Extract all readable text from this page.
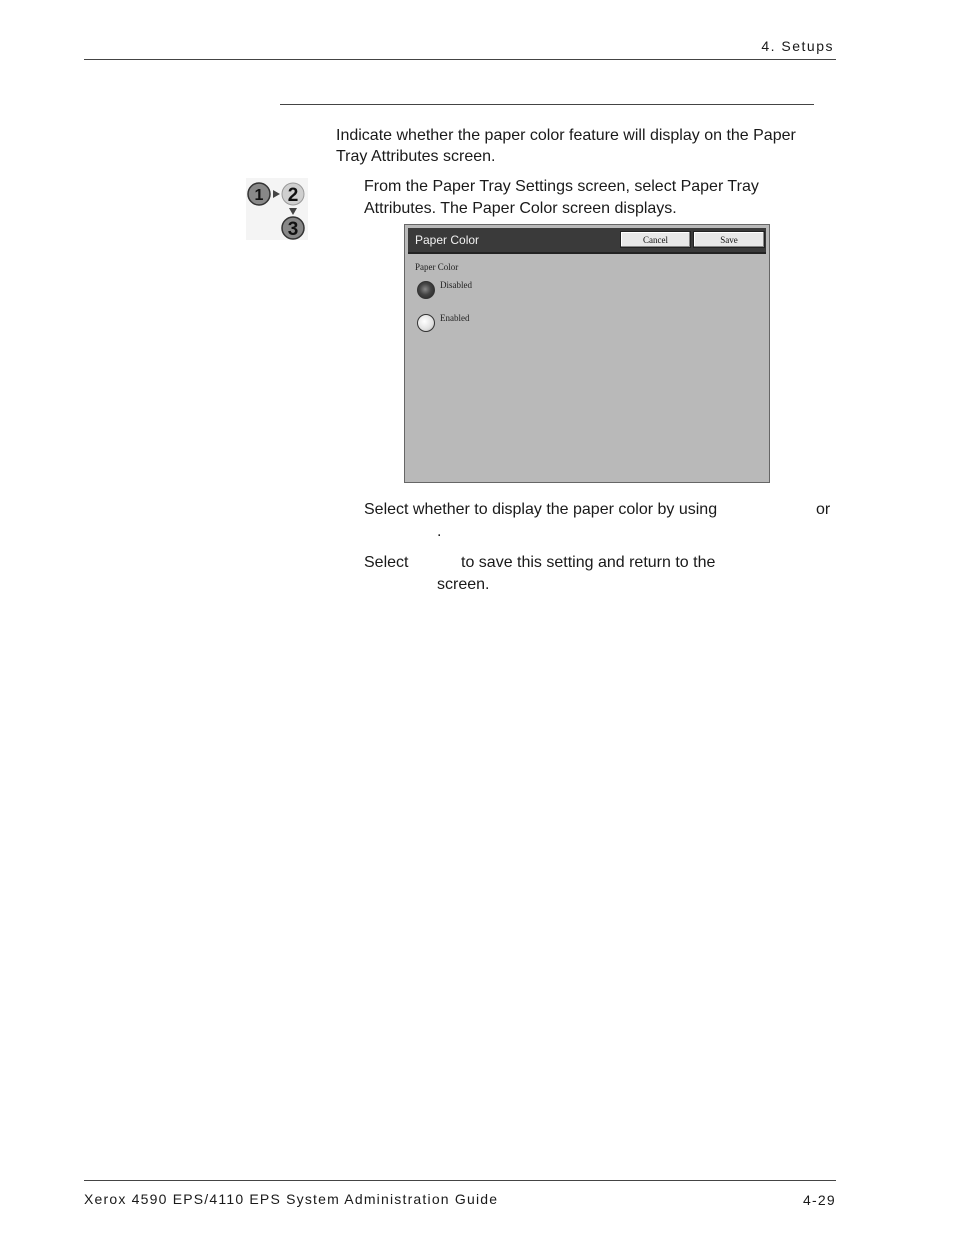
4. Setups
Indicate whether the paper color feature will display on the Paper
Tray Attributes screen.
1 2
3
From the Paper Tray Settings screen, select Paper Tray
Attributes. The Paper Color screen displays.
Paper Color	Cancel	Save
Paper Color
Disabled
Enabled
Select whether to display the paper color by using	or
.
Select	to save this setting and return to the
screen.
Xerox 4590 EPS/4110 EPS System Administration Guide	4-29
